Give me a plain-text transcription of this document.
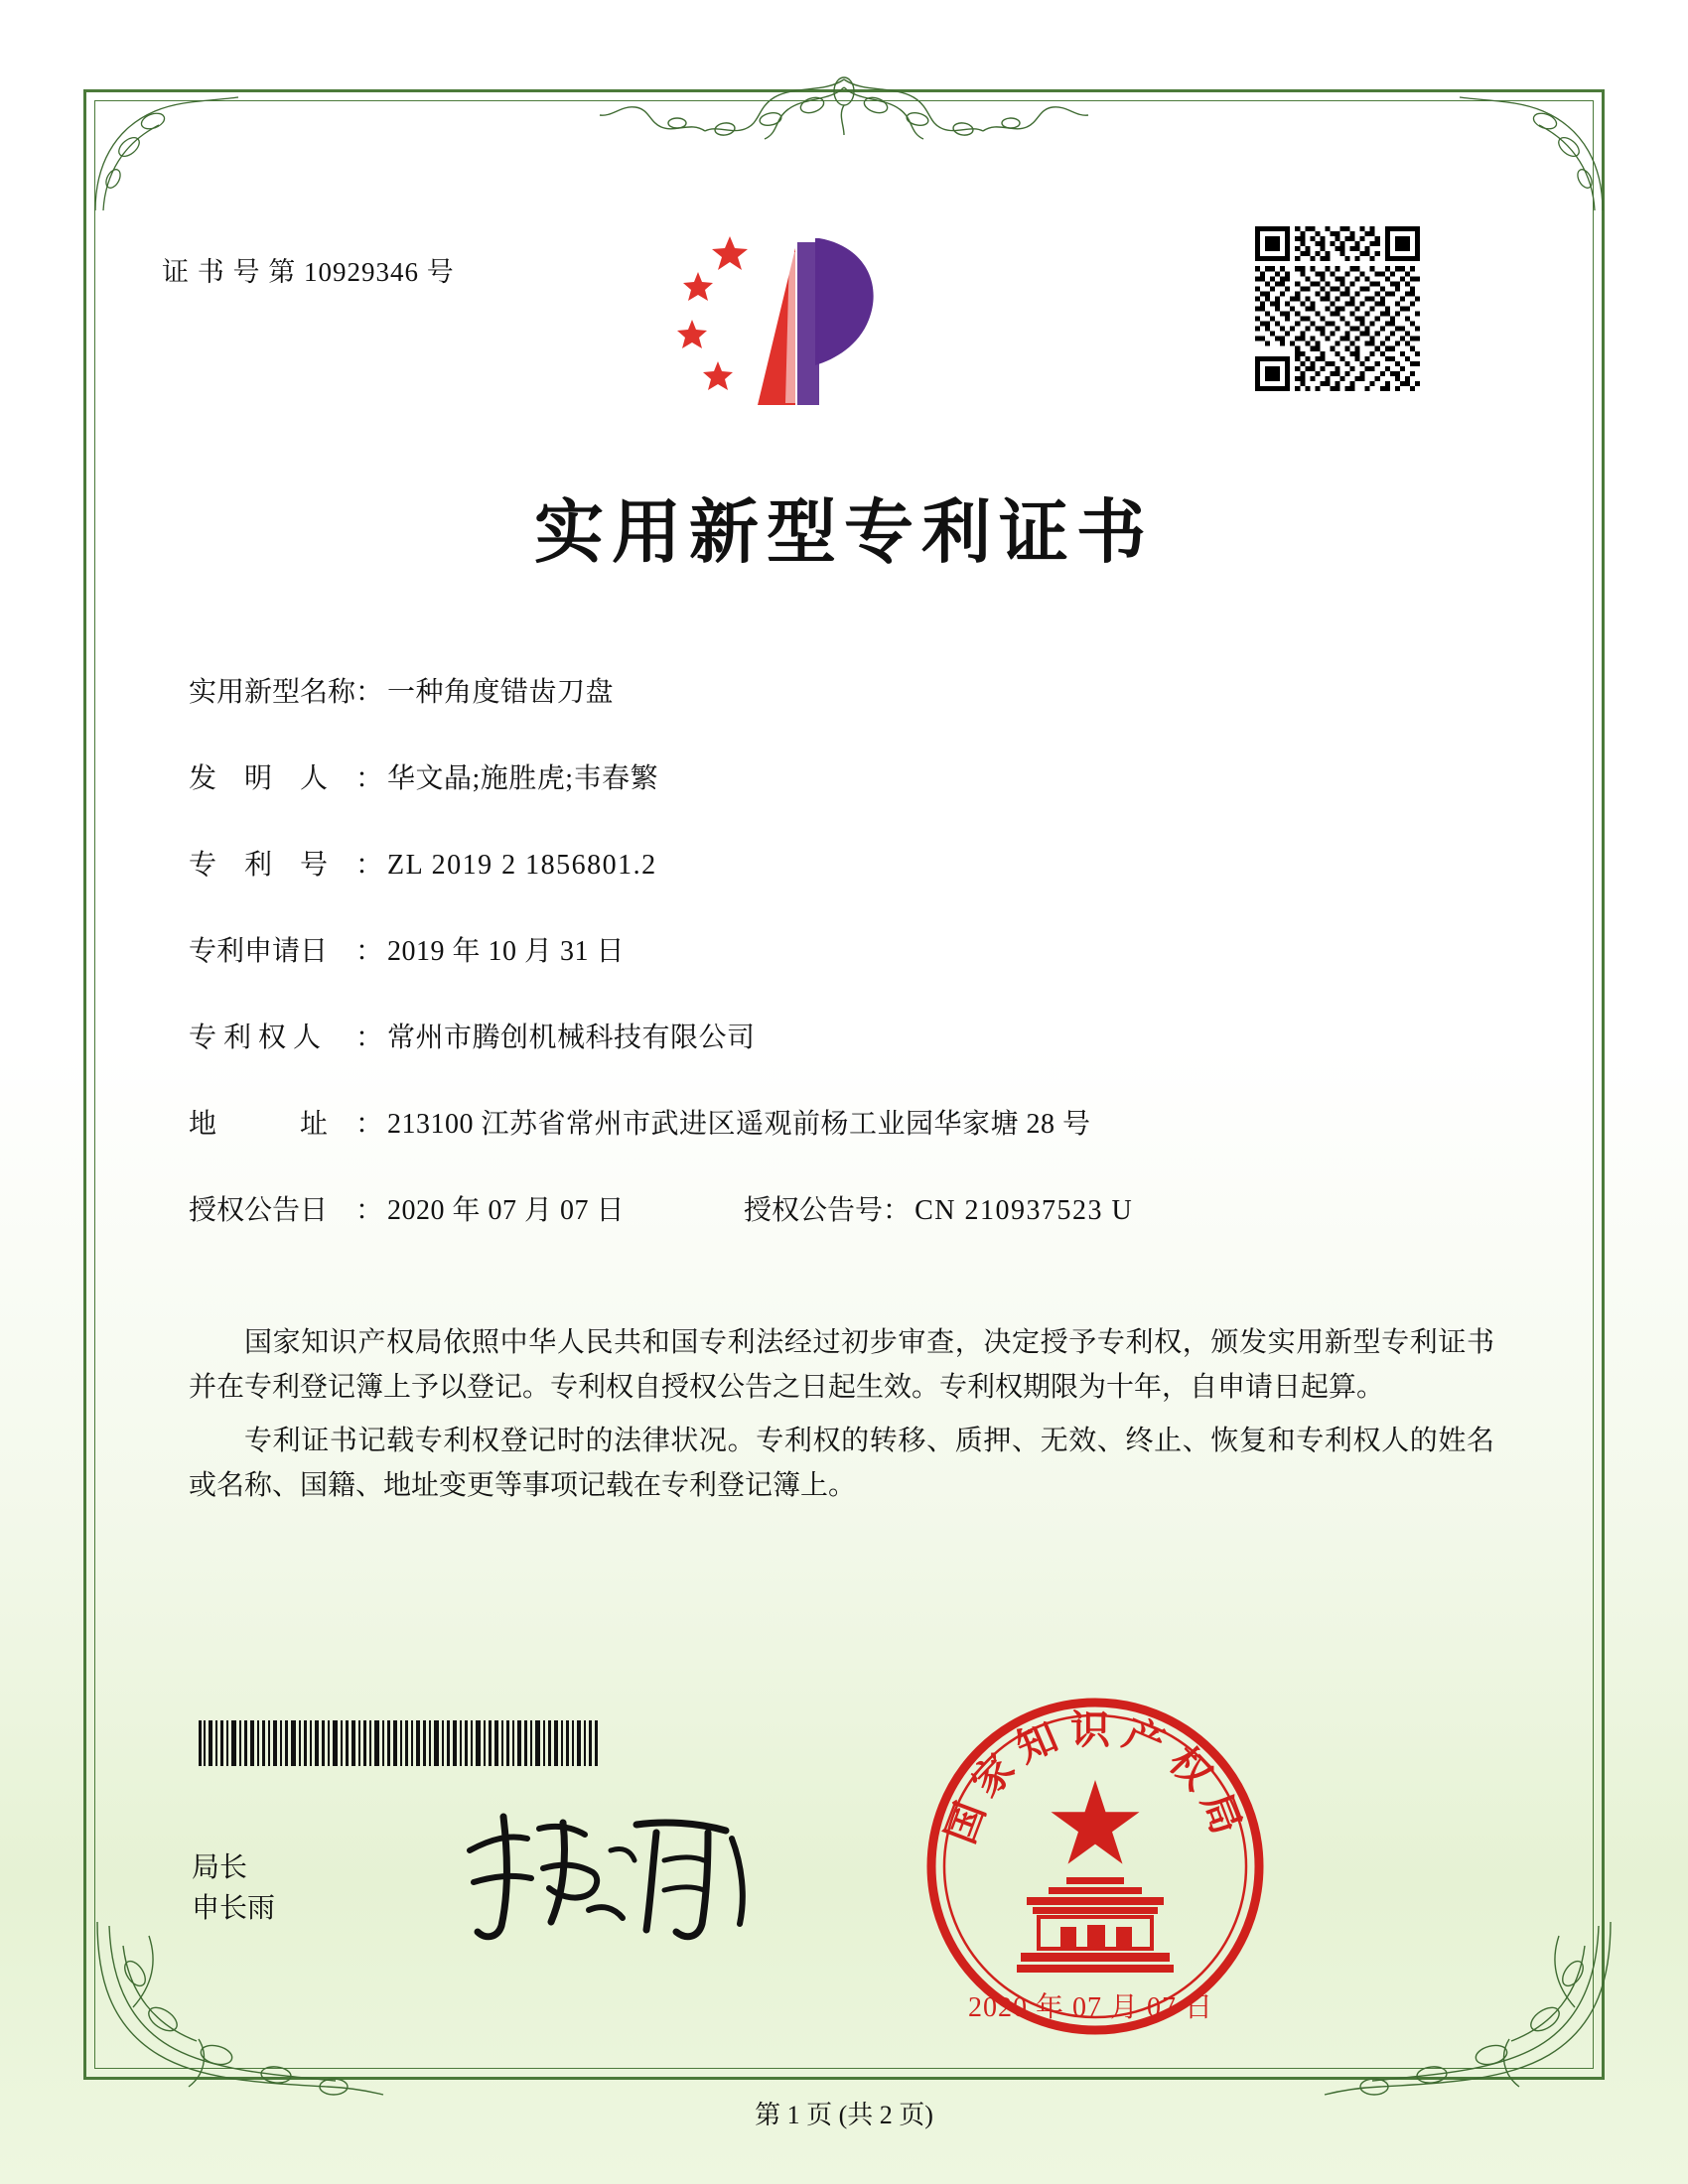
证 书 号 第 10929346 号
实用新型专利证书
实用新型名称 ： 一种角度错齿刀盘
发　明　人 ： 华文晶;施胜虎;韦春繁
专　利　号 ： ZL 2019 2 1856801.2
专利申请日 ： 2019 年 10 月 31 日
专 利 权 人	： 常州市腾创机械科技有限公司
地　　　址 ： 213100 江苏省常州市武进区遥观前杨工业园华家塘 28 号
授权公告日 ： 2020 年 07 月 07 日	授权公告号 ： CN 210937523 U

国家知识产权局依照中华人民共和国专利法经过初步审查，决定授予专利权，颁发实用新型专利证书并在专利登记簿上予以登记。专利权自授权公告之日起生效。专利权期限为十年，自申请日起算。

专利证书记载专利权登记时的法律状况。专利权的转移、质押、无效、终止、恢复和专利权人的姓名或名称、国籍、地址变更等事项记载在专利登记簿上。

局长
申长雨
国家知识产权局
2020 年 07 月 07 日
第 1 页 (共 2 页)
